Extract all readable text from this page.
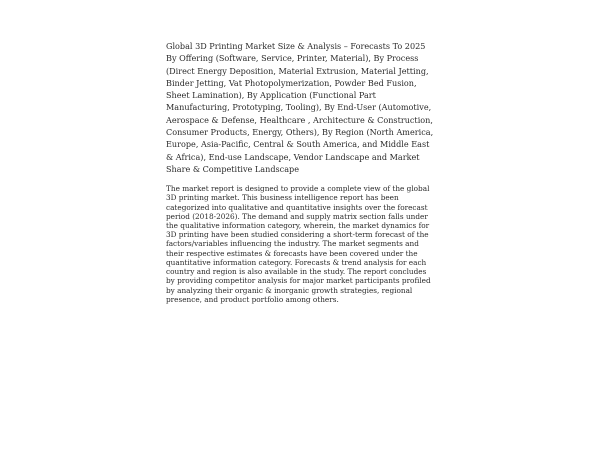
Global 3D Printing Market Size & Analysis – Forecasts To 2025 By Offering (Software, Service, Printer, Material), By Process (Direct Energy Deposition, Material Extrusion, Material Jetting, Binder Jetting, Vat Photopolymerization, Powder Bed Fusion, Sheet Lamination), By Application (Functional Part Manufacturing, Prototyping, Tooling), By End-User (Automotive, Aerospace & Defense, Healthcare , Architecture & Construction, Consumer Products, Energy, Others), By Region (North America, Europe, Asia-Pacific, Central & South America, and Middle East & Africa), End-use Landscape, Vendor Landscape and Market Share & Competitive Landscape

The market report is designed to provide a complete view of the global 3D printing market. This business intelligence report has been categorized into qualitative and quantitative insights over the forecast period (2018-2026). The demand and supply matrix section falls under the qualitative information category, wherein, the market dynamics for 3D printing have been studied considering a short-term forecast of the factors/variables influencing the industry. The market segments and their respective estimates & forecasts have been covered under the quantitative information category. Forecasts & trend analysis for each country and region is also available in the study. The report concludes by providing competitor analysis for major market participants profiled by analyzing their organic & inorganic growth strategies, regional presence, and product portfolio among others.
